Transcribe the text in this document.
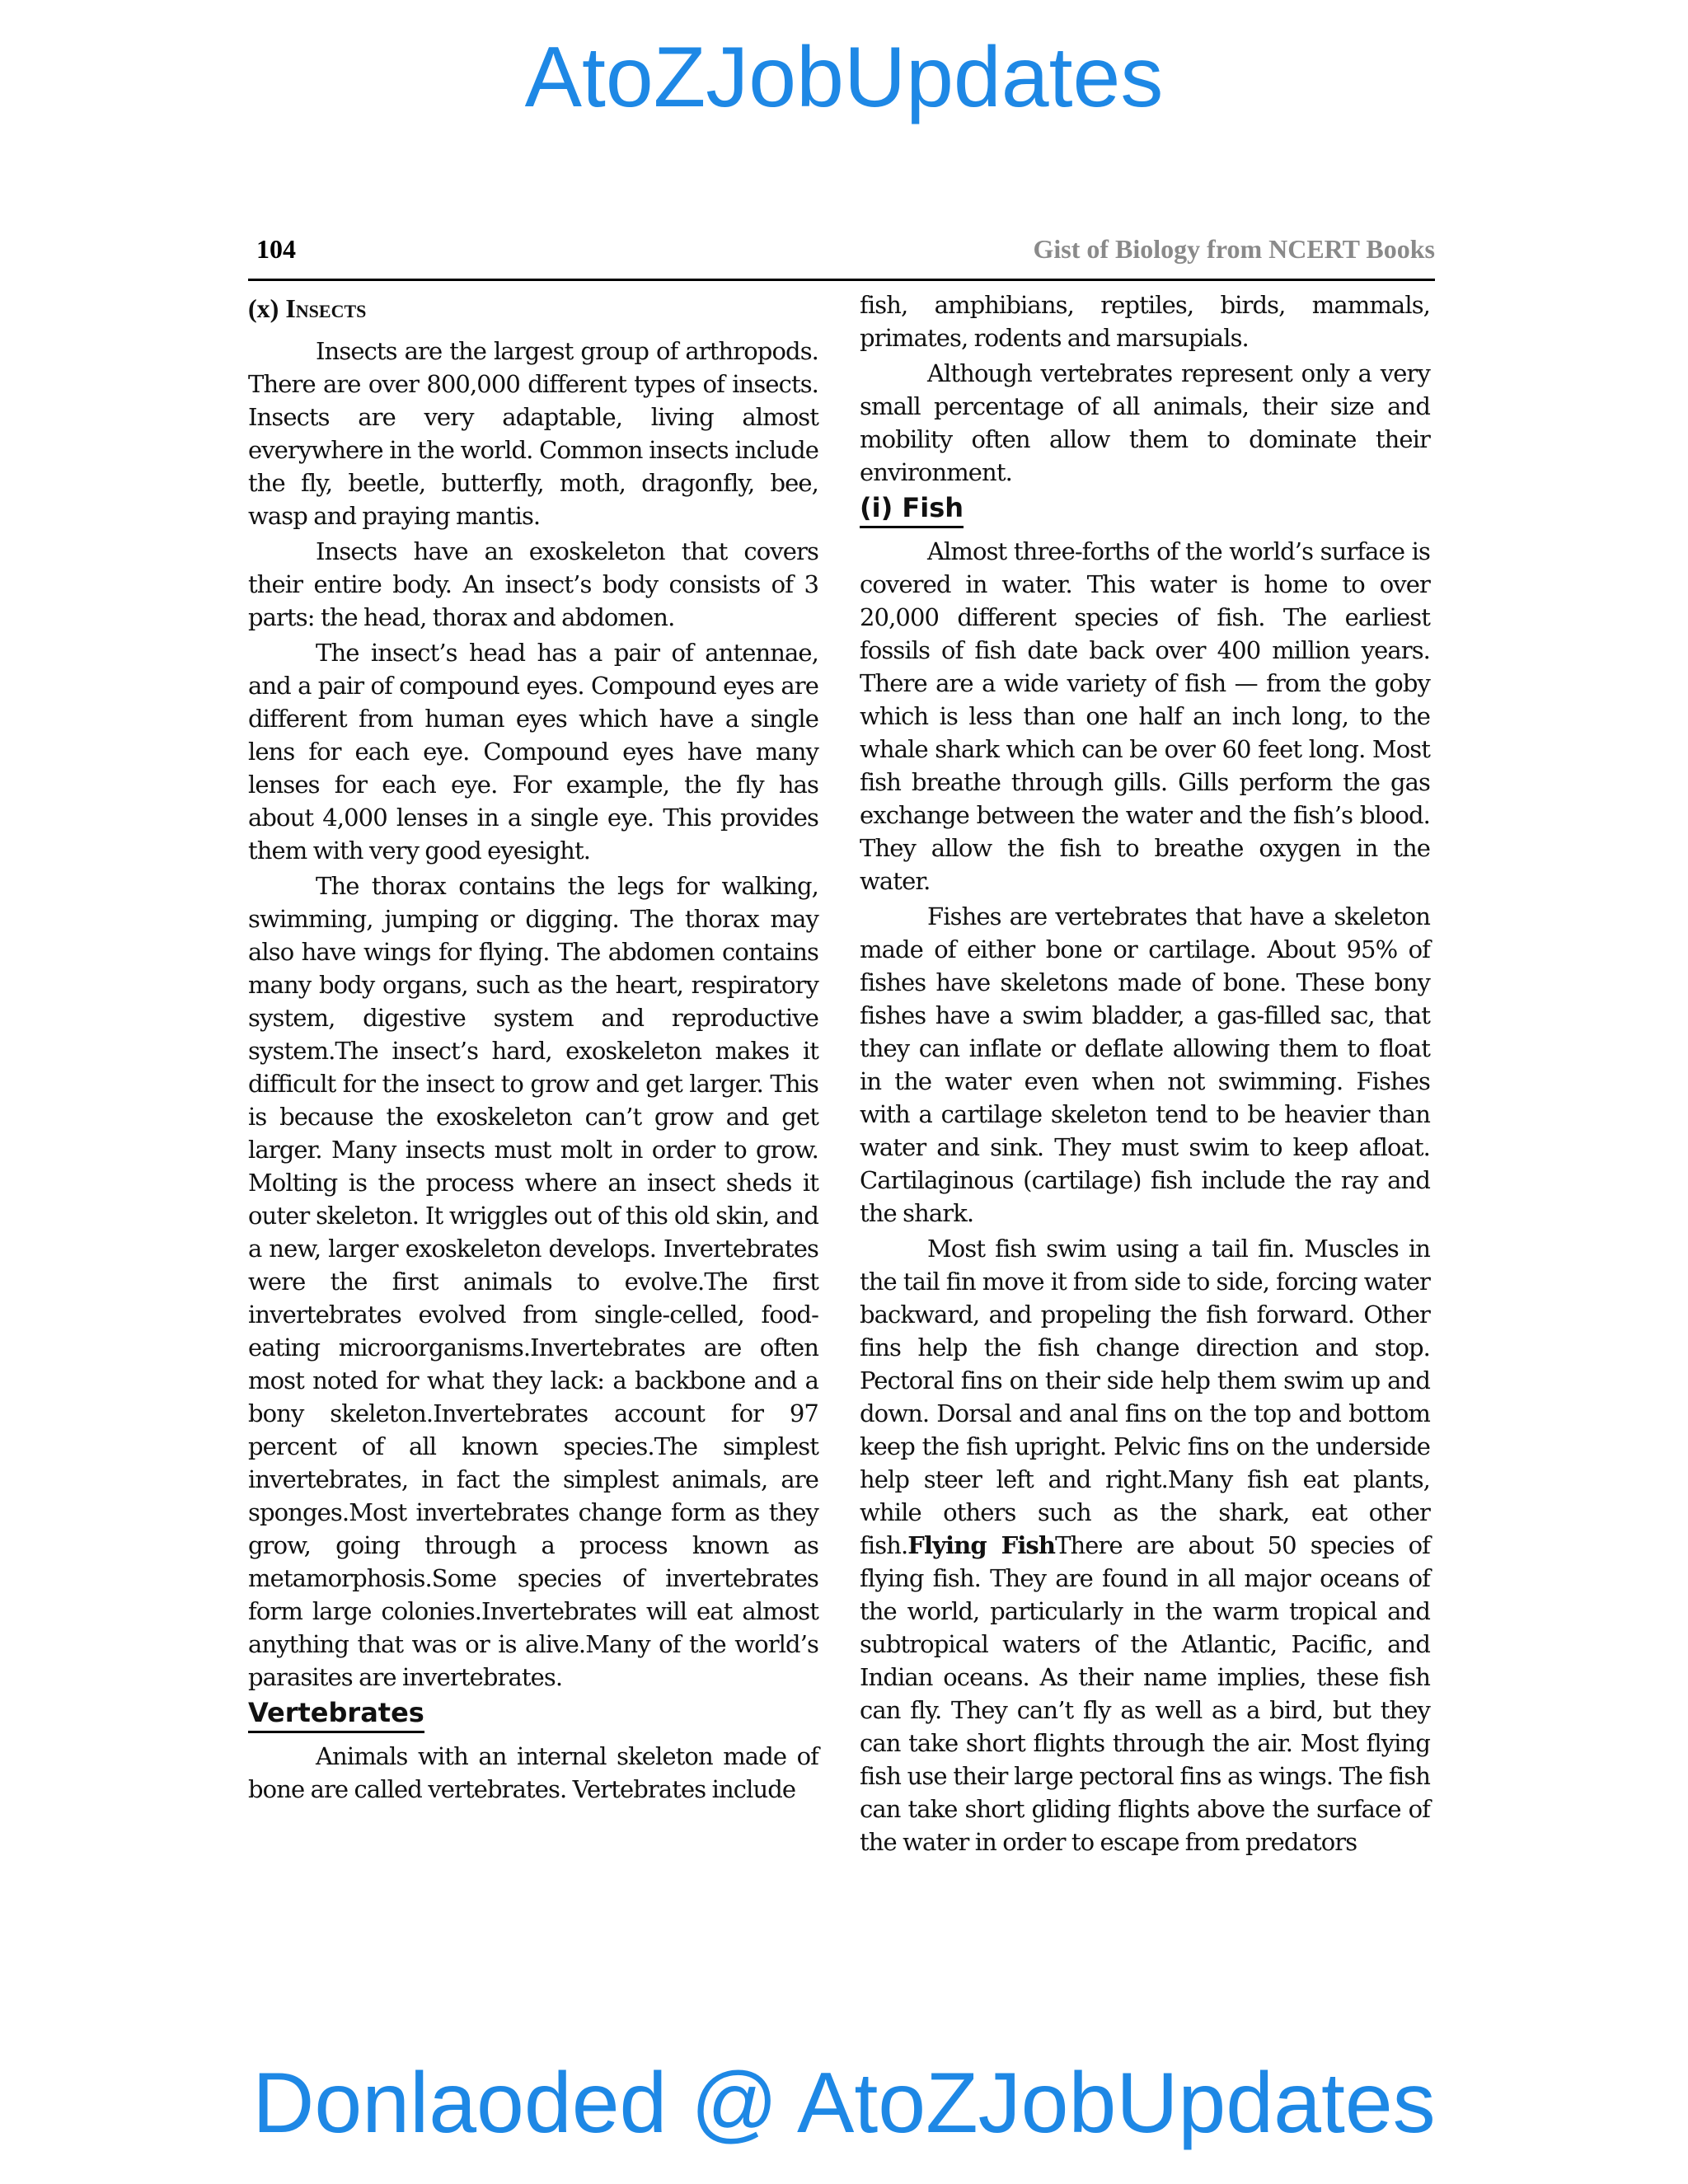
AtoZJobUpdates
104	Gist of Biology from NCERT Books
(x) Insects

Insects are the largest group of arthropods. There are over 800,000 different types of insects. Insects are very adaptable, living almost everywhere in the world. Common insects include the fly, beetle, butterfly, moth, dragonfly, bee, wasp and praying mantis.

Insects have an exoskeleton that covers their entire body. An insect’s body consists of 3 parts: the head, thorax and abdomen.

The insect’s head has a pair of antennae, and a pair of compound eyes. Compound eyes are different from human eyes which have a single lens for each eye. Compound eyes have many lenses for each eye. For example, the fly has about 4,000 lenses in a single eye. This provides them with very good eyesight.

The thorax contains the legs for walking, swimming, jumping or digging. The thorax may also have wings for flying. The abdomen contains many body organs, such as the heart, respiratory system, digestive system and reproductive system.The insect’s hard, exoskeleton makes it difficult for the insect to grow and get larger. This is because the exoskeleton can’t grow and get larger. Many insects must molt in order to grow. Molting is the process where an insect sheds it outer skeleton. It wriggles out of this old skin, and a new, larger exoskeleton develops. Invertebrates were the first animals to evolve.The first invertebrates evolved from single-celled, food-eating microorganisms.Invertebrates are often most noted for what they lack: a backbone and a bony skeleton.Invertebrates account for 97 percent of all known species.The simplest invertebrates, in fact the simplest animals, are sponges.Most invertebrates change form as they grow, going through a process known as metamorphosis.Some species of invertebrates form large colonies.Invertebrates will eat almost anything that was or is alive.Many of the world’s parasites are invertebrates.

Vertebrates

Animals with an internal skeleton made of bone are called vertebrates. Vertebrates include

fish, amphibians, reptiles, birds, mammals, primates, rodents and marsupials.

Although vertebrates represent only a very small percentage of all animals, their size and mobility often allow them to dominate their environment.

(i) Fish

Almost three-forths of the world’s surface is covered in water. This water is home to over 20,000 different species of fish. The earliest fossils of fish date back over 400 million years. There are a wide variety of fish — from the goby which is less than one half an inch long, to the whale shark which can be over 60 feet long. Most fish breathe through gills. Gills perform the gas exchange between the water and the fish’s blood. They allow the fish to breathe oxygen in the water.

Fishes are vertebrates that have a skeleton made of either bone or cartilage. About 95% of fishes have skeletons made of bone. These bony fishes have a swim bladder, a gas-filled sac, that they can inflate or deflate allowing them to float in the water even when not swimming. Fishes with a cartilage skeleton tend to be heavier than water and sink. They must swim to keep afloat. Cartilaginous (cartilage) fish include the ray and the shark.

Most fish swim using a tail fin. Muscles in the tail fin move it from side to side, forcing water backward, and propeling the fish forward. Other fins help the fish change direction and stop. Pectoral fins on their side help them swim up and down. Dorsal and anal fins on the top and bottom keep the fish upright. Pelvic fins on the underside help steer left and right.Many fish eat plants, while others such as the shark, eat other fish.Flying FishThere are about 50 species of flying fish. They are found in all major oceans of the world, particularly in the warm tropical and subtropical waters of the Atlantic, Pacific, and Indian oceans. As their name implies, these fish can fly. They can’t fly as well as a bird, but they can take short flights through the air. Most flying fish use their large pectoral fins as wings. The fish can take short gliding flights above the surface of the water in order to escape from predators

Donlaoded @ AtoZJobUpdates
